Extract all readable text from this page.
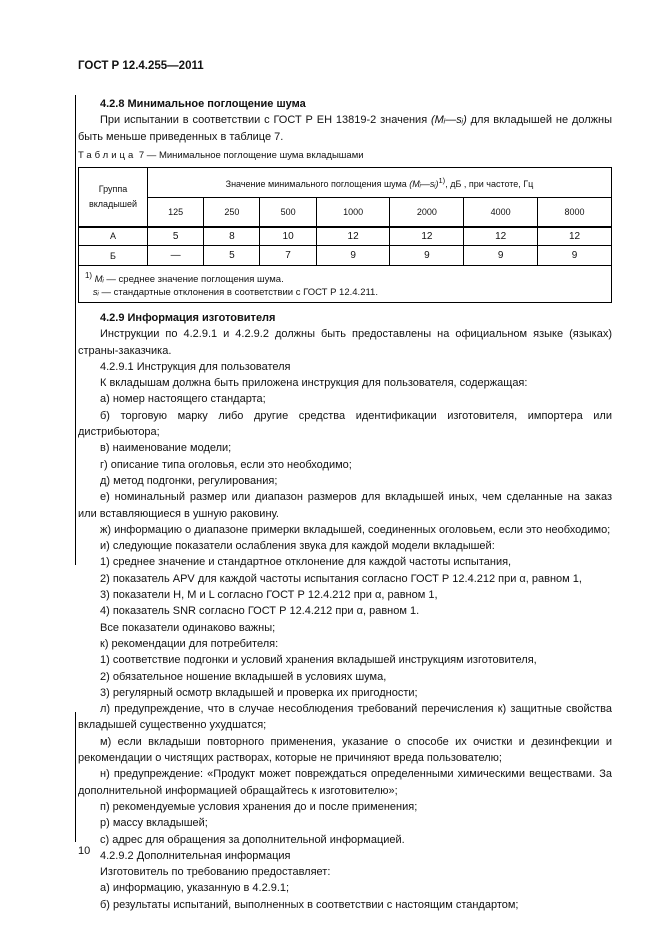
ГОСТ Р 12.4.255—2011

4.2.8 Минимальное поглощение шума

При испытании в соответствии с ГОСТ Р ЕН 13819-2 значения (Mᵢ—sᵢ) для вкладышей не должны быть меньше приведенных в таблице 7.

Таблица 7 — Минимальное поглощение шума вкладышами
Группа вкладышей	Значение минимального поглощения шума (Mᵢ—sᵢ)$^{1)}$, дБ , при частоте, Гц						
	125	250	500	1000	2000	4000	8000
А	5	8	10	12	12	12	12
Б	—	5	7	9	9	9	9
$^{1)}$ Mᵢ — среднее значение поглощения шума.
sᵢ — стандартные отклонения в соответствии с ГОСТ Р 12.4.211.							

4.2.9 Информация изготовителя

Инструкции по 4.2.9.1 и 4.2.9.2 должны быть предоставлены на официальном языке (языках) страны-заказчика.

4.2.9.1 Инструкция для пользователя

К вкладышам должна быть приложена инструкция для пользователя, содержащая:

а) номер настоящего стандарта;

б) торговую марку либо другие средства идентификации изготовителя, импортера или дистрибьютора;

в) наименование модели;

г) описание типа оголовья, если это необходимо;

д) метод подгонки, регулирования;

е) номинальный размер или диапазон размеров для вкладышей иных, чем сделанные на заказ или вставляющиеся в ушную раковину.

ж) информацию о диапазоне примерки вкладышей, соединенных оголовьем, если это необходимо;

и) следующие показатели ослабления звука для каждой модели вкладышей:

1) среднее значение и стандартное отклонение для каждой частоты испытания,

2) показатель APV для каждой частоты испытания согласно ГОСТ Р 12.4.212 при α, равном 1,

3) показатели H, M и L согласно ГОСТ Р 12.4.212 при α, равном 1,

4) показатель SNR согласно ГОСТ Р 12.4.212 при α, равном 1.

Все показатели одинаково важны;

к) рекомендации для потребителя:

1) соответствие подгонки и условий хранения вкладышей инструкциям изготовителя,

2) обязательное ношение вкладышей в условиях шума,

3) регулярный осмотр вкладышей и проверка их пригодности;

л) предупреждение, что в случае несоблюдения требований перечисления к) защитные свойства вкладышей существенно ухудшатся;

м) если вкладыши повторного применения, указание о способе их очистки и дезинфекции и рекомендации о чистящих растворах, которые не причиняют вреда пользователю;

н) предупреждение: «Продукт может повреждаться определенными химическими веществами. За дополнительной информацией обращайтесь к изготовителю»;

п) рекомендуемые условия хранения до и после применения;

р) массу вкладышей;

с) адрес для обращения за дополнительной информацией.

4.2.9.2 Дополнительная информация

Изготовитель по требованию предоставляет:

а) информацию, указанную в 4.2.9.1;

б) результаты испытаний, выполненных в соответствии с настоящим стандартом;

10
